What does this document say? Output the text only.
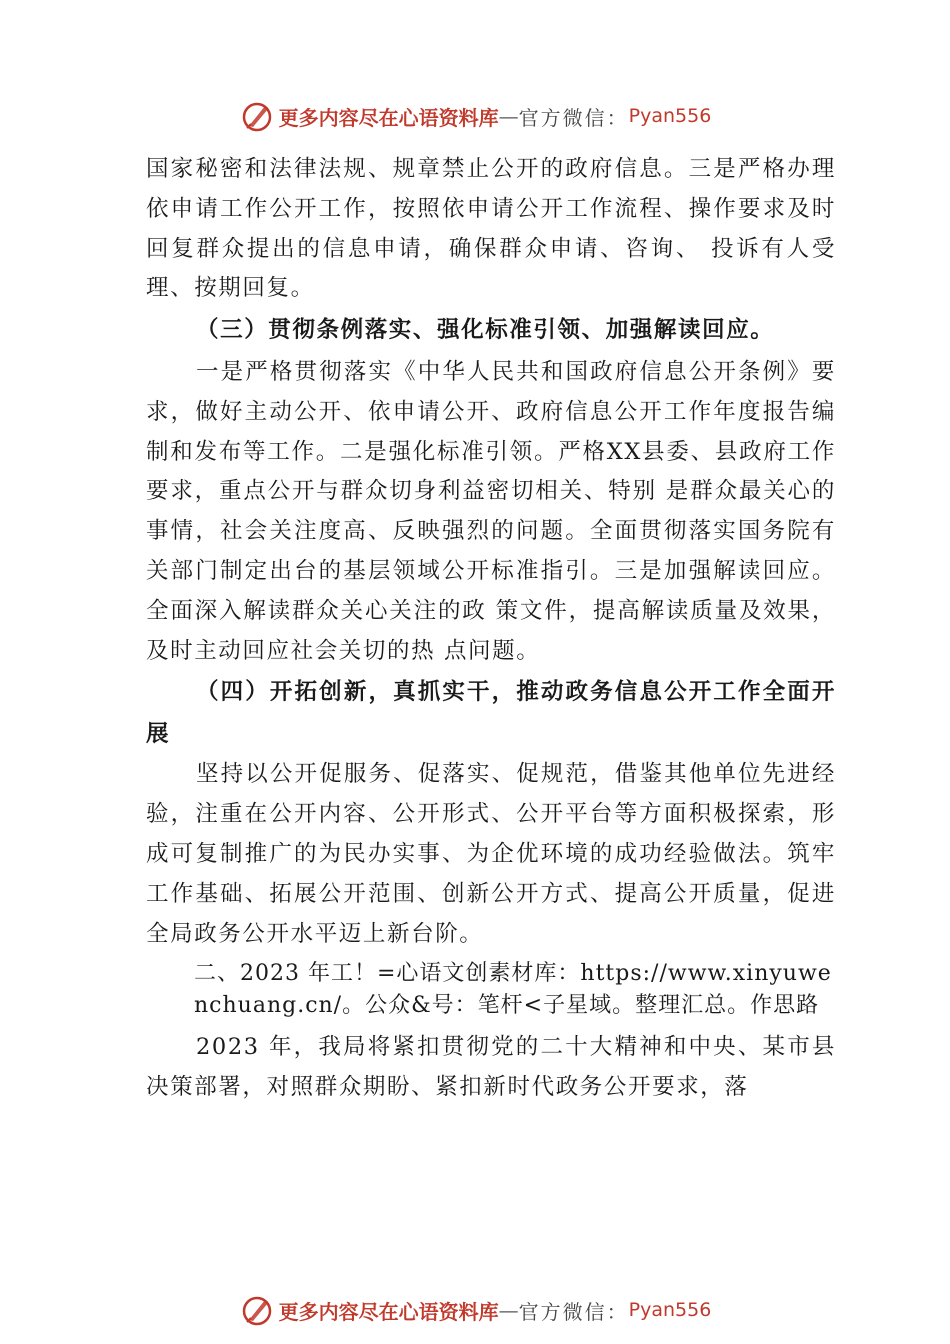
更多内容尽在心语资料库 — 官方微信： Pyan556

国家秘密和法律法规、规章禁止公开的政府信息。三是严格办理依申请工作公开工作，按照依申请公开工作流程、操作要求及时回复群众提出的信息申请，确保群众申请、咨询、 投诉有人受理、按期回复。

（三）贯彻条例落实、强化标准引领、加强解读回应。

一是严格贯彻落实《中华人民共和国政府信息公开条例》要求，做好主动公开、依申请公开、政府信息公开工作年度报告编制和发布等工作。二是强化标准引领。严格XX县委、县政府工作要求，重点公开与群众切身利益密切相关、特别 是群众最关心的事情，社会关注度高、反映强烈的问题。全面贯彻落实国务院有关部门制定出台的基层领域公开标准指引。三是加强解读回应。全面深入解读群众关心关注的政 策文件，提高解读质量及效果，及时主动回应社会关切的热 点问题。

（四）开拓创新，真抓实干，推动政务信息公开工作全面开展

坚持以公开促服务、促落实、促规范，借鉴其他单位先进经验，注重在公开内容、公开形式、公开平台等方面积极探索，形成可复制推广的为民办实事、为企优环境的成功经验做法。筑牢工作基础、拓展公开范围、创新公开方式、提高公开质量，促进全局政务公开水平迈上新台阶。

二、2023 年工！=心语文创素材库：https://www.xinyuwenchuang.cn/。公众&号：笔杆<子星域。整理汇总。作思路

2023 年，我局将紧扣贯彻党的二十大精神和中央、某市县决策部署，对照群众期盼、紧扣新时代政务公开要求，落

更多内容尽在心语资料库 — 官方微信： Pyan556
